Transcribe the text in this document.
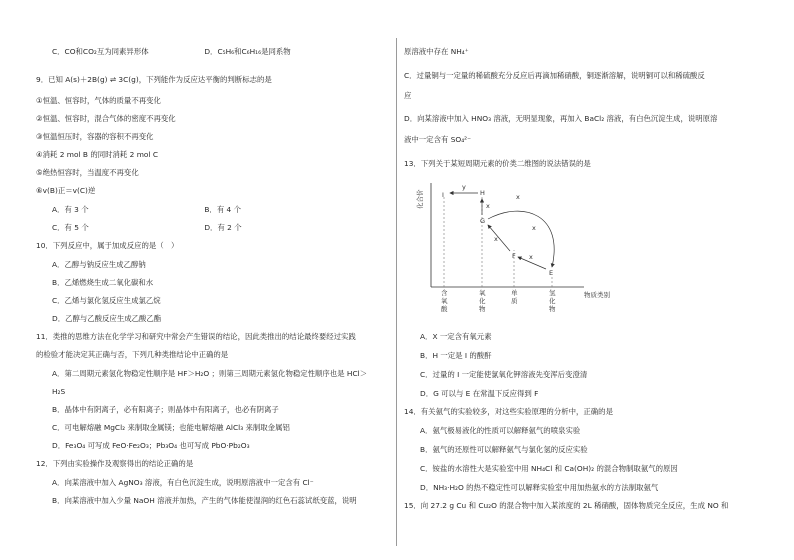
C．CO和CO₂互为同素异形体	D．C₅H₆和C₆H₁₆是同系物
9．已知 A(s)＋2B(g) ⇌ 3C(g)，下列能作为反应达平衡的判断标志的是
①恒温、恒容时，气体的质量不再变化
②恒温、恒容时，混合气体的密度不再变化
③恒温恒压时，容器的容积不再变化
④消耗 2 mol B 的同时消耗 2 mol C
⑤绝热恒容时，当温度不再变化
⑥v(B)正＝v(C)逆
A．有 3 个	B．有 4 个
C．有 5 个	D．有 2 个
10．下列反应中，属于加成反应的是（　）
A．乙醇与钠反应生成乙醇钠
B．乙烯燃烧生成二氧化碳和水
C．乙烯与氯化氢反应生成氯乙烷
D．乙醇与乙酸反应生成乙酸乙酯
11．类推的思维方法在化学学习和研究中常会产生错误的结论，因此类推出的结论最终要经过实践
的检验才能决定其正确与否，下列几种类推结论中正确的是
A．第二周期元素氢化物稳定性顺序是 HF＞H₂O ；则第三周期元素氢化物稳定性顺序也是 HCl＞
H₂S
B．晶体中有阴离子，必有阳离子；则晶体中有阳离子，也必有阴离子
C．可电解熔融 MgCl₂ 来制取金属镁；也能电解熔融 AlCl₃ 来制取金属铝
D．Fe₃O₄ 可写成 FeO·Fe₂O₃；Pb₃O₄ 也可写成 PbO·Pb₂O₃
12．下列由实验操作及观察得出的结论正确的是
A．向某溶液中加入 AgNO₃ 溶液，有白色沉淀生成，说明原溶液中一定含有 Cl⁻
B．向某溶液中加入少量 NaOH 溶液并加热，产生的气体能使湿润的红色石蕊试纸变蓝，说明
原溶液中存在 NH₄⁺
C．过量铜与一定量的稀硫酸充分反应后再滴加稀硝酸，铜逐渐溶解，说明铜可以和稀硫酸反
应
D．向某溶液中加入 HNO₃ 溶液，无明显现象，再加入 BaCl₂ 溶液，有白色沉淀生成，说明原溶
液中一定含有 SO₄²⁻
13．下列关于某短周期元素的价类二维图的说法错误的是
化合价
物质类别
含氧酸
氧化物
单质
氢化物
I	H
G
F
E
y
x
x
x
x
x
A．X 一定含有氧元素
B．H 一定是 I 的酸酐
C．过量的 I 一定能使氯氧化钾溶液先变浑后变澄清
D．G 可以与 E 在常温下反应得到 F
14．有关氨气的实验较多，对这些实验原理的分析中，正确的是
A．氨气极易液化的性质可以解释氨气的喷泉实验
B．氨气的还原性可以解释氨气与氯化氢的反应实验
C．铵盐的水溶性大是实验室中用 NH₄Cl 和 Ca(OH)₂ 的混合物制取氨气的原因
D．NH₃·H₂O 的热不稳定性可以解释实验室中用加热氨水的方法制取氨气
15．向 27.2 g Cu 和 Cu₂O 的混合物中加入某浓度的 2L 稀硝酸，固体物质完全反应，生成 NO 和
